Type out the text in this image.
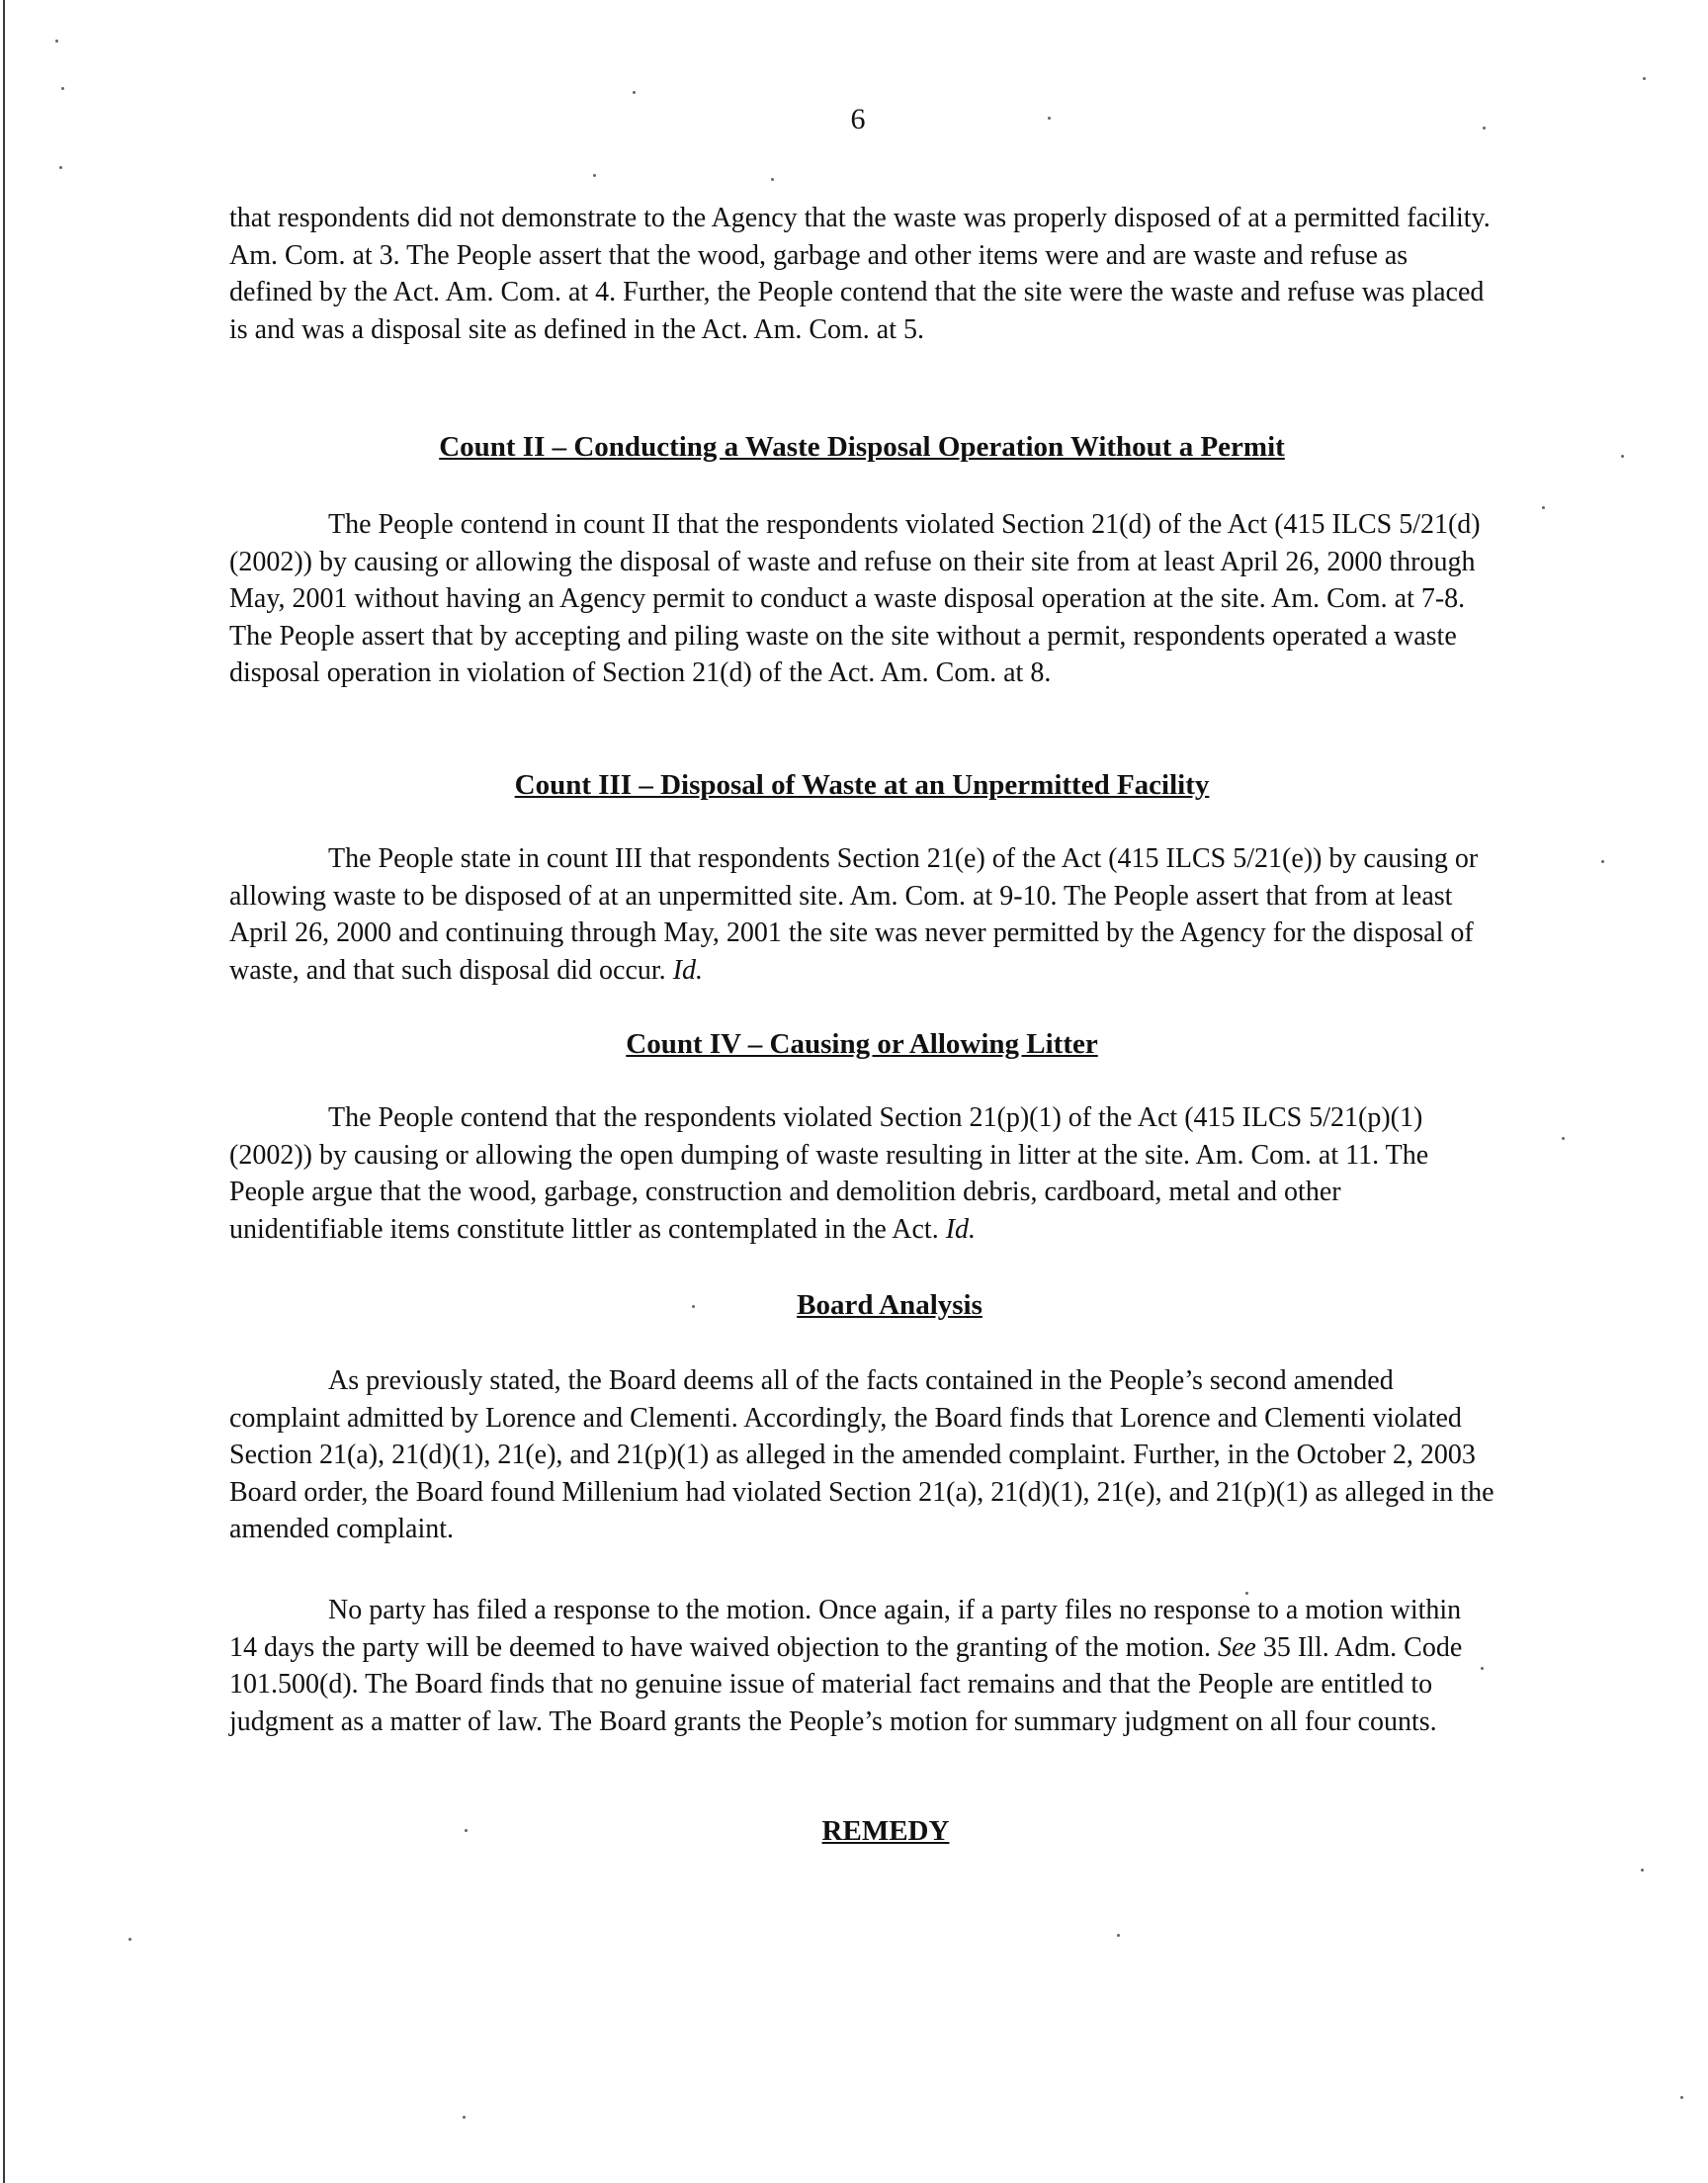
6

that respondents did not demonstrate to the Agency that the waste was properly disposed of at a permitted facility. Am. Com. at 3. The People assert that the wood, garbage and other items were and are waste and refuse as defined by the Act. Am. Com. at 4. Further, the People contend that the site were the waste and refuse was placed is and was a disposal site as defined in the Act. Am. Com. at 5.

Count II – Conducting a Waste Disposal Operation Without a Permit

The People contend in count II that the respondents violated Section 21(d) of the Act (415 ILCS 5/21(d) (2002)) by causing or allowing the disposal of waste and refuse on their site from at least April 26, 2000 through May, 2001 without having an Agency permit to conduct a waste disposal operation at the site. Am. Com. at 7-8. The People assert that by accepting and piling waste on the site without a permit, respondents operated a waste disposal operation in violation of Section 21(d) of the Act. Am. Com. at 8.

Count III – Disposal of Waste at an Unpermitted Facility

The People state in count III that respondents Section 21(e) of the Act (415 ILCS 5/21(e)) by causing or allowing waste to be disposed of at an unpermitted site. Am. Com. at 9-10. The People assert that from at least April 26, 2000 and continuing through May, 2001 the site was never permitted by the Agency for the disposal of waste, and that such disposal did occur. Id.

Count IV – Causing or Allowing Litter

The People contend that the respondents violated Section 21(p)(1) of the Act (415 ILCS 5/21(p)(1) (2002)) by causing or allowing the open dumping of waste resulting in litter at the site. Am. Com. at 11. The People argue that the wood, garbage, construction and demolition debris, cardboard, metal and other unidentifiable items constitute littler as contemplated in the Act. Id.

Board Analysis

As previously stated, the Board deems all of the facts contained in the People’s second amended complaint admitted by Lorence and Clementi. Accordingly, the Board finds that Lorence and Clementi violated Section 21(a), 21(d)(1), 21(e), and 21(p)(1) as alleged in the amended complaint. Further, in the October 2, 2003 Board order, the Board found Millenium had violated Section 21(a), 21(d)(1), 21(e), and 21(p)(1) as alleged in the amended complaint.

No party has filed a response to the motion. Once again, if a party files no response to a motion within 14 days the party will be deemed to have waived objection to the granting of the motion. See 35 Ill. Adm. Code 101.500(d). The Board finds that no genuine issue of material fact remains and that the People are entitled to judgment as a matter of law. The Board grants the People’s motion for summary judgment on all four counts.

REMEDY
